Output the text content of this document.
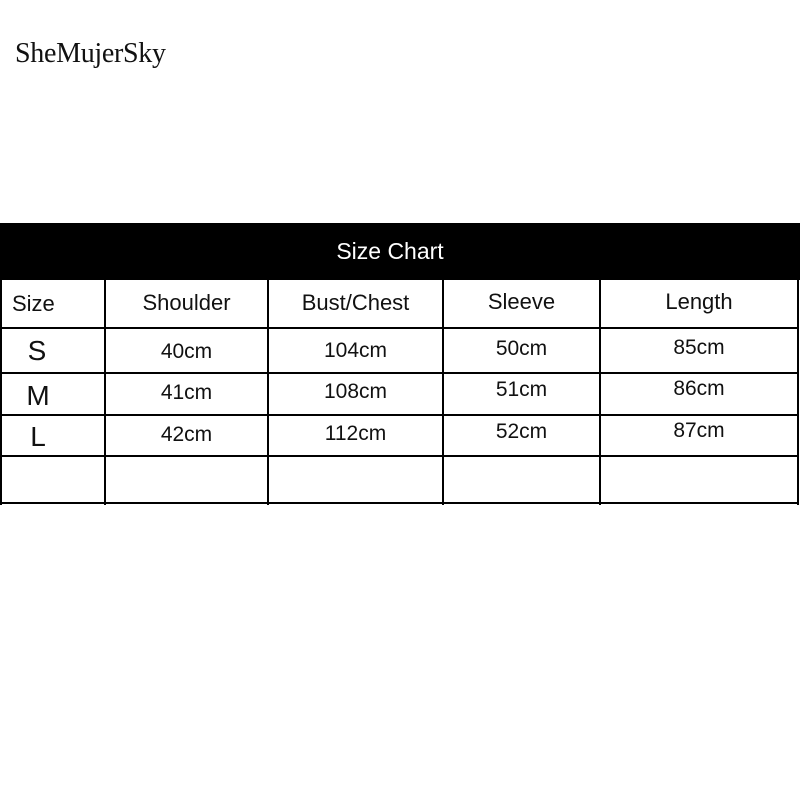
SheMujerSky
Size Chart
Size	Shoulder	Bust/Chest	Sleeve	Length
S	40cm	104cm	50cm	85cm
M	41cm	108cm	51cm	86cm
L	42cm	112cm	52cm	87cm
